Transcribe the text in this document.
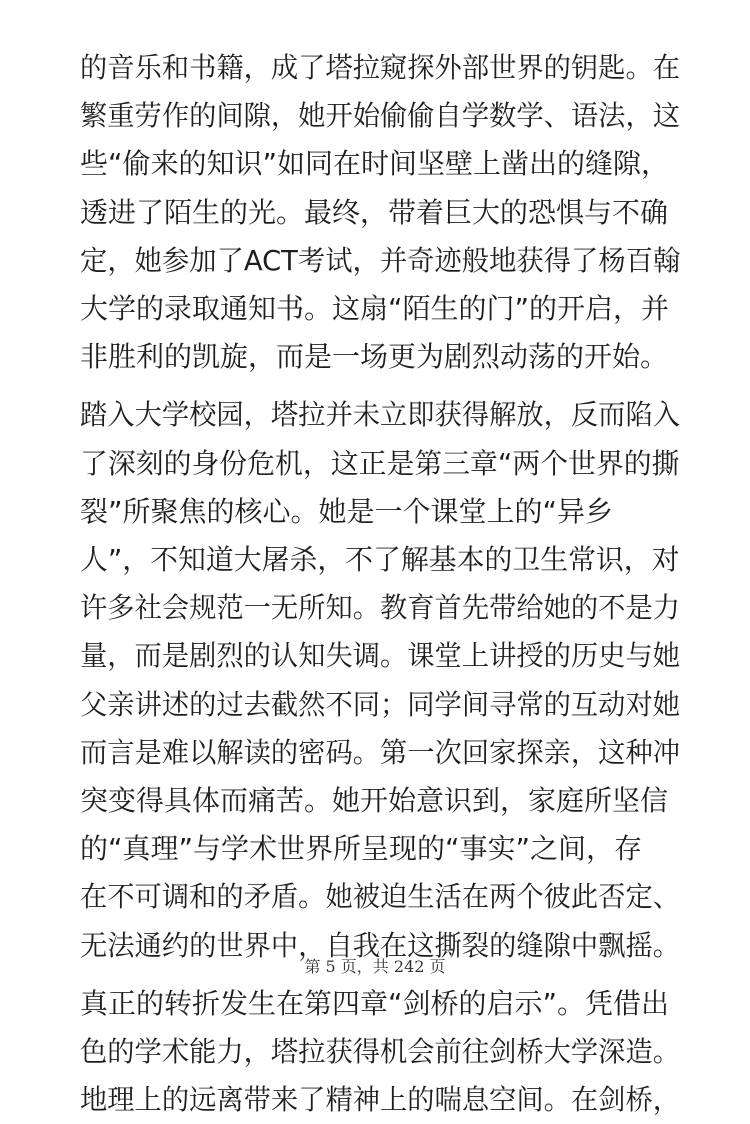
的音乐和书籍，成了塔拉窥探外部世界的钥匙。在
繁重劳作的间隙，她开始偷偷自学数学、语法，这
些“偷来的知识”如同在时间坚壁上凿出的缝隙，
透进了陌生的光。最终，带着巨大的恐惧与不确
定，她参加了ACT考试，并奇迹般地获得了杨百翰
大学的录取通知书。这扇“陌生的门”的开启，并
非胜利的凯旋，而是一场更为剧烈动荡的开始。

踏入大学校园，塔拉并未立即获得解放，反而陷入
了深刻的身份危机，这正是第三章“两个世界的撕
裂”所聚焦的核心。她是一个课堂上的“异乡
人”，不知道大屠杀，不了解基本的卫生常识，对
许多社会规范一无所知。教育首先带给她的不是力
量，而是剧烈的认知失调。课堂上讲授的历史与她
父亲讲述的过去截然不同；同学间寻常的互动对她
而言是难以解读的密码。第一次回家探亲，这种冲
突变得具体而痛苦。她开始意识到，家庭所坚信
的“真理”与学术世界所呈现的“事实”之间，存
在不可调和的矛盾。她被迫生活在两个彼此否定、
无法通约的世界中，自我在这撕裂的缝隙中飘摇。

真正的转折发生在第四章“剑桥的启示”。凭借出
色的学术能力，塔拉获得机会前往剑桥大学深造。
地理上的远离带来了精神上的喘息空间。在剑桥，

第 5 页，共 242 页
